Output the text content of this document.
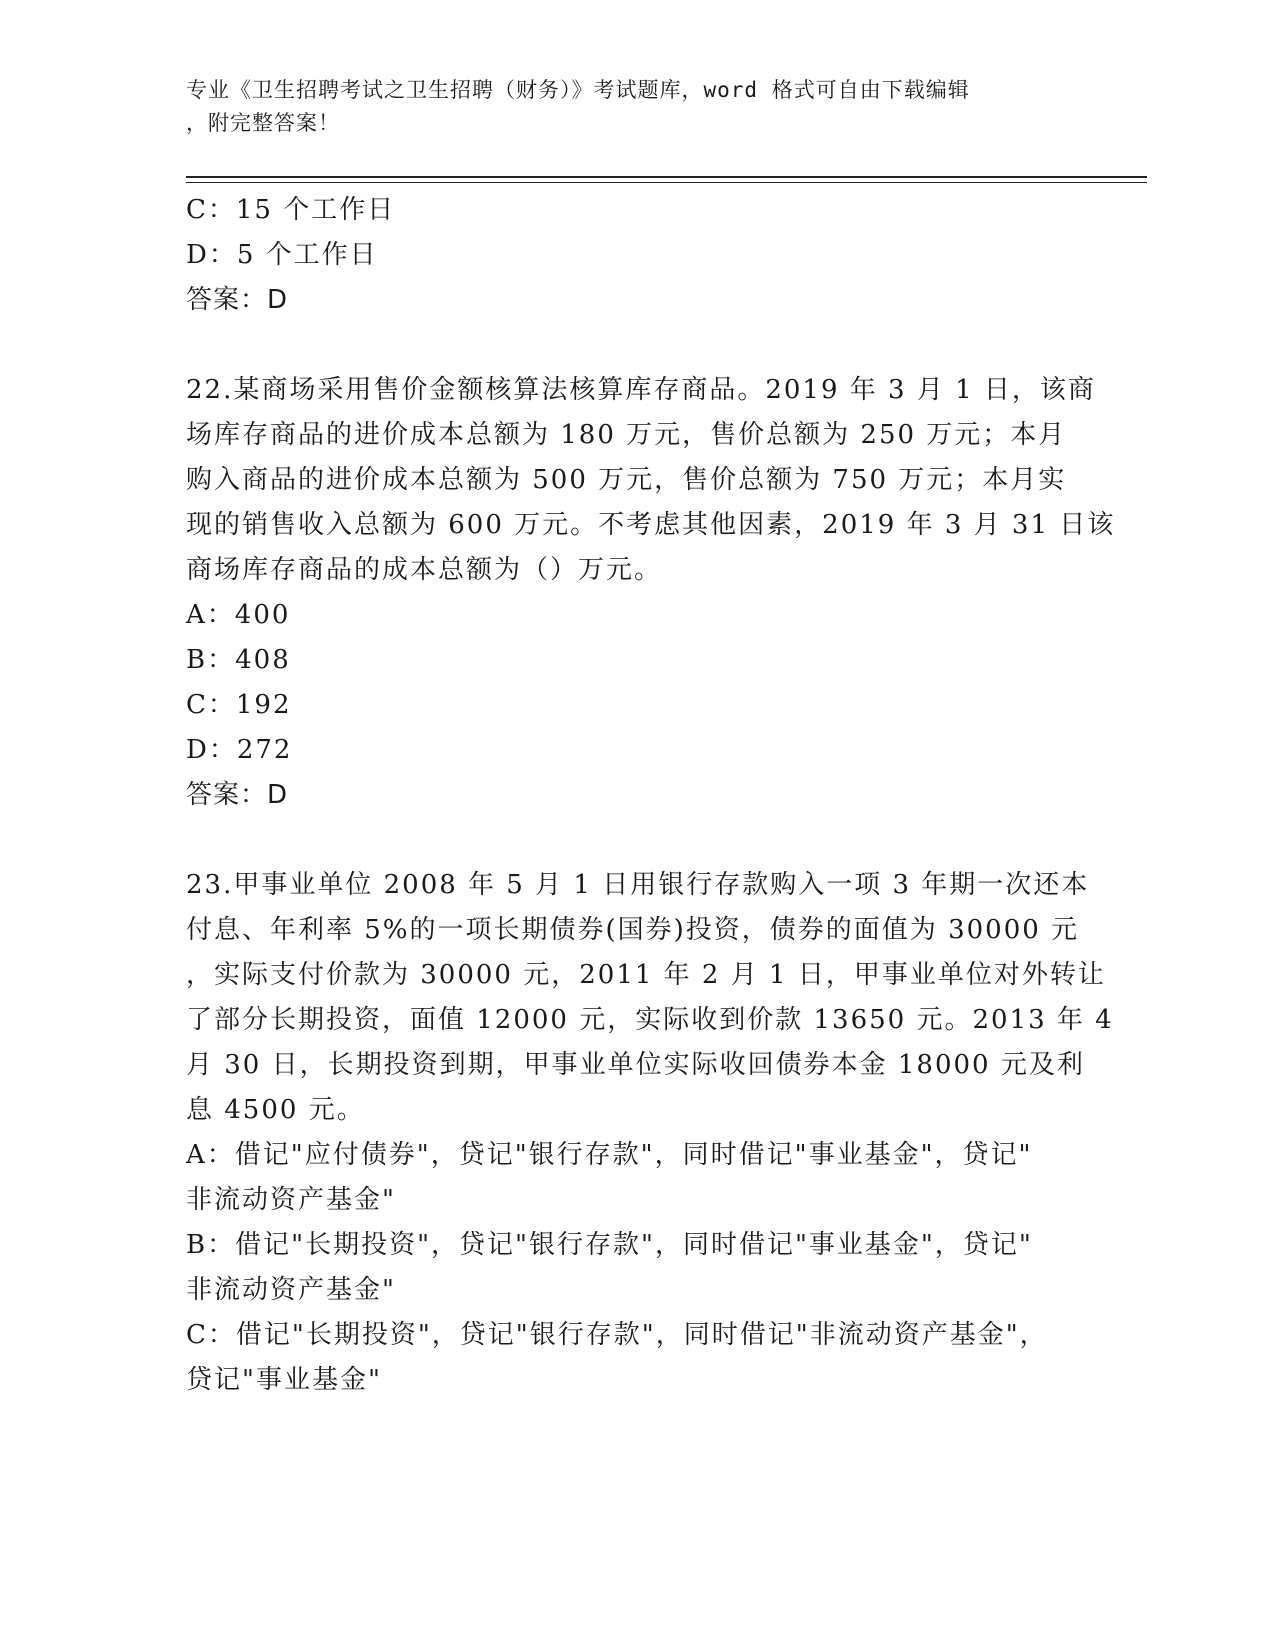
专业《卫生招聘考试之卫生招聘（财务）》考试题库，word 格式可自由下载编辑
，附完整答案！
C：15 个工作日
D：5 个工作日
答案：D
22.某商场采用售价金额核算法核算库存商品。2019 年 3 月 1 日，该商
场库存商品的进价成本总额为 180 万元，售价总额为 250 万元；本月
购入商品的进价成本总额为 500 万元，售价总额为 750 万元；本月实
现的销售收入总额为 600 万元。不考虑其他因素，2019 年 3 月 31 日该
商场库存商品的成本总额为（）万元。
A：400
B：408
C：192
D：272
答案：D
23.甲事业单位 2008 年 5 月 1 日用银行存款购入一项 3 年期一次还本
付息、年利率 5%的一项长期债券(国券)投资，债券的面值为 30000 元
，实际支付价款为 30000 元，2011 年 2 月 1 日，甲事业单位对外转让
了部分长期投资，面值 12000 元，实际收到价款 13650 元。2013 年 4
月 30 日，长期投资到期，甲事业单位实际收回债券本金 18000 元及利
息 4500 元。
A：借记"应付债券"，贷记"银行存款"，同时借记"事业基金"，贷记"
非流动资产基金"
B：借记"长期投资"，贷记"银行存款"，同时借记"事业基金"，贷记"
非流动资产基金"
C：借记"长期投资"，贷记"银行存款"，同时借记"非流动资产基金"，
贷记"事业基金"
